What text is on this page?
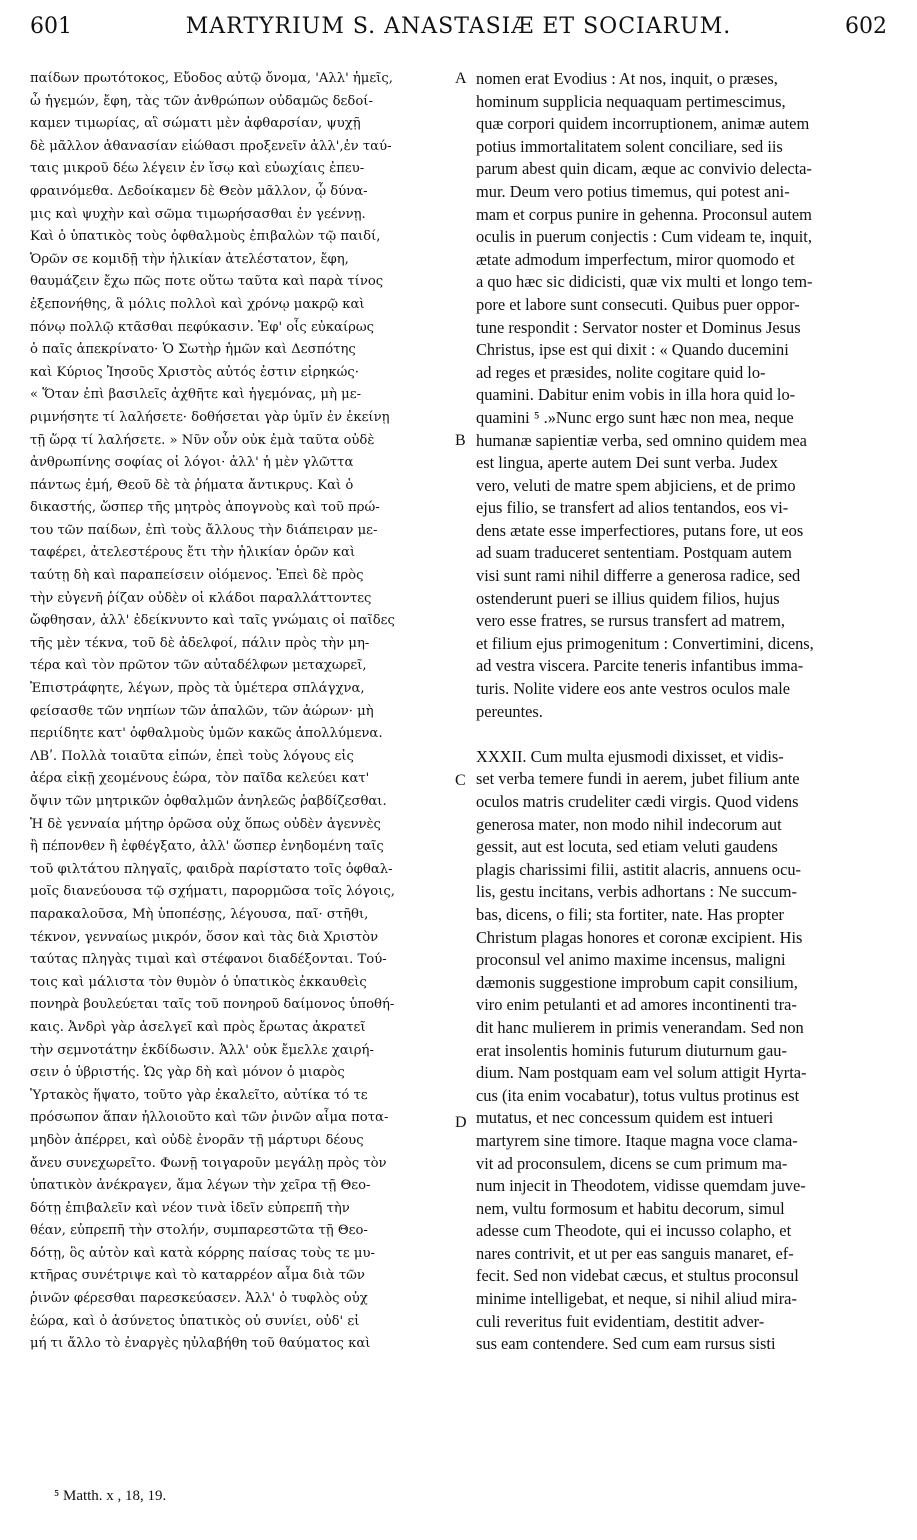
601	MARTYRIUM S. ANASTASIÆ ET SOCIARUM.	602
παίδων πρωτότοκος, Εὔοδος αὐτῷ ὄνομα, 'Αλλ' ἡμεῖς,
ὦ ἡγεμών, ἔφη, τὰς τῶν ἀνθρώπων οὐδαμῶς δεδοί-
καμεν τιμωρίας, αἳ σώματι μὲν ἀφθαρσίαν, ψυχῇ
δὲ μᾶλλον ἀθανασίαν εἰώθασι προξενεῖν ἀλλ',ἐν ταύ-
ταις μικροῦ δέω λέγειν ἐν ἴσῳ καὶ εὐωχίαις ἐπευ-
φραινόμεθα. Δεδοίκαμεν δὲ Θεὸν μᾶλλον, ᾧ δύνα-
μις καὶ ψυχὴν καὶ σῶμα τιμωρήσασθαι ἐν γεέννῃ.
Καὶ ὁ ὑπατικὸς τοὺς ὀφθαλμοὺς ἐπιβαλὼν τῷ παιδί,
Ὁρῶν σε κομιδῇ τὴν ἡλικίαν ἀτελέστατον, ἔφη,
θαυμάζειν ἔχω πῶς ποτε οὕτω ταῦτα καὶ παρὰ τίνος
ἐξεπονήθης, ἃ μόλις πολλοὶ καὶ χρόνῳ μακρῷ καὶ
πόνῳ πολλῷ κτᾶσθαι πεφύκασιν. Ἐφ' οἷς εὐκαίρως
ὁ παῖς ἀπεκρίνατο· Ὁ Σωτὴρ ἡμῶν καὶ Δεσπότης
καὶ Κύριος Ἰησοῦς Χριστὸς αὐτός ἐστιν εἰρηκώς·
« Ὅταν ἐπὶ βασιλεῖς ἀχθῆτε καὶ ἡγεμόνας, μὴ με-
ριμνήσητε τί λαλήσετε· δοθήσεται γὰρ ὑμῖν ἐν ἐκείνῃ
τῇ ὥρᾳ τί λαλήσετε. » Νῦν οὖν οὐκ ἐμὰ ταῦτα οὐδὲ
ἀνθρωπίνης σοφίας οἱ λόγοι· ἀλλ' ἡ μὲν γλῶττα
πάντως ἐμή, Θεοῦ δὲ τὰ ῥήματα ἄντικρυς. Καὶ ὁ
δικαστής, ὥσπερ τῆς μητρὸς ἀπογνοὺς καὶ τοῦ πρώ-
του τῶν παίδων, ἐπὶ τοὺς ἄλλους τὴν διάπειραν με-
ταφέρει, ἀτελεστέρους ἔτι τὴν ἡλικίαν ὁρῶν καὶ
ταύτῃ δὴ καὶ παραπείσειν οἰόμενος. Ἐπεὶ δὲ πρὸς
τὴν εὐγενῆ ῥίζαν οὐδὲν οἱ κλάδοι παραλλάττοντες
ὤφθησαν, ἀλλ' ἐδείκνυντο καὶ ταῖς γνώμαις οἱ παῖδες
τῆς μὲν τέκνα, τοῦ δὲ ἀδελφοί, πάλιν πρὸς τὴν μη-
τέρα καὶ τὸν πρῶτον τῶν αὐταδέλφων μεταχωρεῖ,
Ἐπιστράφητε, λέγων, πρὸς τὰ ὑμέτερα σπλάγχνα,
φείσασθε τῶν νηπίων τῶν ἁπαλῶν, τῶν ἀώρων· μὴ
περιίδητε κατ' ὀφθαλμοὺς ὑμῶν κακῶς ἀπολλύμενα.
ΛΒʹ. Πολλὰ τοιαῦτα εἰπών, ἐπεὶ τοὺς λόγους εἰς
ἀέρα εἰκῇ χεομένους ἑώρα, τὸν παῖδα κελεύει κατ'
ὄψιν τῶν μητρικῶν ὀφθαλμῶν ἀνηλεῶς ῥαβδίζεσθαι.
Ἡ δὲ γενναία μήτηρ ὁρῶσα οὐχ ὅπως οὐδὲν ἀγεννὲς
ἢ πέπονθεν ἢ ἐφθέγξατο, ἀλλ' ὥσπερ ἐνηδομένη ταῖς
τοῦ φιλτάτου πληγαῖς, φαιδρὰ παρίστατο τοῖς ὀφθαλ-
μοῖς διανεύουσα τῷ σχήματι, παρορμῶσα τοῖς λόγοις,
παρακαλοῦσα, Μὴ ὑποπέσῃς, λέγουσα, παῖ· στῆθι,
τέκνον, γενναίως μικρόν, ὅσον καὶ τὰς διὰ Χριστὸν
ταύτας πληγὰς τιμαὶ καὶ στέφανοι διαδέξονται. Τού-
τοις καὶ μάλιστα τὸν θυμὸν ὁ ὑπατικὸς ἐκκαυθεὶς
πονηρὰ βουλεύεται ταῖς τοῦ πονηροῦ δαίμονος ὑποθή-
καις. Ἀνδρὶ γὰρ ἀσελγεῖ καὶ πρὸς ἔρωτας ἀκρατεῖ
τὴν σεμνοτάτην ἐκδίδωσιν. Ἀλλ' οὐκ ἔμελλε χαιρή-
σειν ὁ ὑβριστής. Ὡς γὰρ δὴ καὶ μόνον ὁ μιαρὸς
Ὑρτακὸς ἥψατο, τοῦτο γὰρ ἐκαλεῖτο, αὐτίκα τό τε
πρόσωπον ἅπαν ἠλλοιοῦτο καὶ τῶν ῥινῶν αἷμα ποτα-
μηδὸν ἀπέρρει, καὶ οὐδὲ ἐνορᾶν τῇ μάρτυρι δέους
ἄνευ συνεχωρεῖτο. Φωνῇ τοιγαροῦν μεγάλῃ πρὸς τὸν
ὑπατικὸν ἀνέκραγεν, ἅμα λέγων τὴν χεῖρα τῇ Θεο-
δότῃ ἐπιβαλεῖν καὶ νέον τινὰ ἰδεῖν εὐπρεπῆ τὴν
θέαν, εὐπρεπῆ τὴν στολήν, συμπαρεστῶτα τῇ Θεο-
δότῃ, ὃς αὐτὸν καὶ κατὰ κόρρης παίσας τοὺς τε μυ-
κτῆρας συνέτριψε καὶ τὸ καταρρέον αἷμα διὰ τῶν
ῥινῶν φέρεσθαι παρεσκεύασεν. Ἀλλ' ὁ τυφλὸς οὐχ
ἑώρα, καὶ ὁ ἀσύνετος ὑπατικὸς οὐ συνίει, οὐδ' εἰ
μή τι ἄλλο τὸ ἐναργὲς ηὐλαβήθη τοῦ θαύματος καὶ
nomen erat Evodius : At nos, inquit, o præses,
hominum supplicia nequaquam pertimescimus,
quæ corpori quidem incorruptionem, animæ autem
potius immortalitatem solent conciliare, sed iis
parum abest quin dicam, æque ac convivio delecta-
mur. Deum vero potius timemus, qui potest ani-
mam et corpus punire in gehenna. Proconsul autem
oculis in puerum conjectis : Cum videam te, inquit,
ætate admodum imperfectum, miror quomodo et
a quo hæc sic didicisti, quæ vix multi et longo tem-
pore et labore sunt consecuti. Quibus puer oppor-
tune respondit : Servator noster et Dominus Jesus
Christus, ipse est qui dixit : « Quando ducemini
ad reges et præsides, nolite cogitare quid lo-
quamini. Dabitur enim vobis in illa hora quid lo-
quamini ⁵ .»Nunc ergo sunt hæc non mea, neque
humanæ sapientiæ verba, sed omnino quidem mea
est lingua, aperte autem Dei sunt verba. Judex
vero, veluti de matre spem abjiciens, et de primo
ejus filio, se transfert ad alios tentandos, eos vi-
dens ætate esse imperfectiores, putans fore, ut eos
ad suam traduceret sententiam. Postquam autem
visi sunt rami nihil differre a generosa radice, sed
ostenderunt pueri se illius quidem filios, hujus
vero esse fratres, se rursus transfert ad matrem,
et filium ejus primogenitum : Convertimini, dicens,
ad vestra viscera. Parcite teneris infantibus imma-
turis. Nolite videre eos ante vestros oculos male
pereuntes.
XXXII. Cum multa ejusmodi dixisset, et vidis-
set verba temere fundi in aerem, jubet filium ante
oculos matris crudeliter cædi virgis. Quod videns
generosa mater, non modo nihil indecorum aut
gessit, aut est locuta, sed etiam veluti gaudens
plagis charissimi filii, astitit alacris, annuens ocu-
lis, gestu incitans, verbis adhortans : Ne succum-
bas, dicens, o fili; sta fortiter, nate. Has propter
Christum plagas honores et coronæ excipient. His
proconsul vel animo maxime incensus, maligni
dæmonis suggestione improbum capit consilium,
viro enim petulanti et ad amores incontinenti tra-
dit hanc mulierem in primis venerandam. Sed non
erat insolentis hominis futurum diuturnum gau-
dium. Nam postquam eam vel solum attigit Hyrta-
cus (ita enim vocabatur), totus vultus protinus est
mutatus, et nec concessum quidem est intueri
martyrem sine timore. Itaque magna voce clama-
vit ad proconsulem, dicens se cum primum ma-
num injecit in Theodotem, vidisse quemdam juve-
nem, vultu formosum et habitu decorum, simul
adesse cum Theodote, qui ei incusso colapho, et
nares contrivit, et ut per eas sanguis manaret, ef-
fecit. Sed non videbat cæcus, et stultus proconsul
minime intelligebat, et neque, si nihil aliud mira-
culi reveritus fuit evidentiam, destitit adver-
sus eam contendere. Sed cum eam rursus sisti
A
B
C
D
⁵ Matth. x , 18, 19.
